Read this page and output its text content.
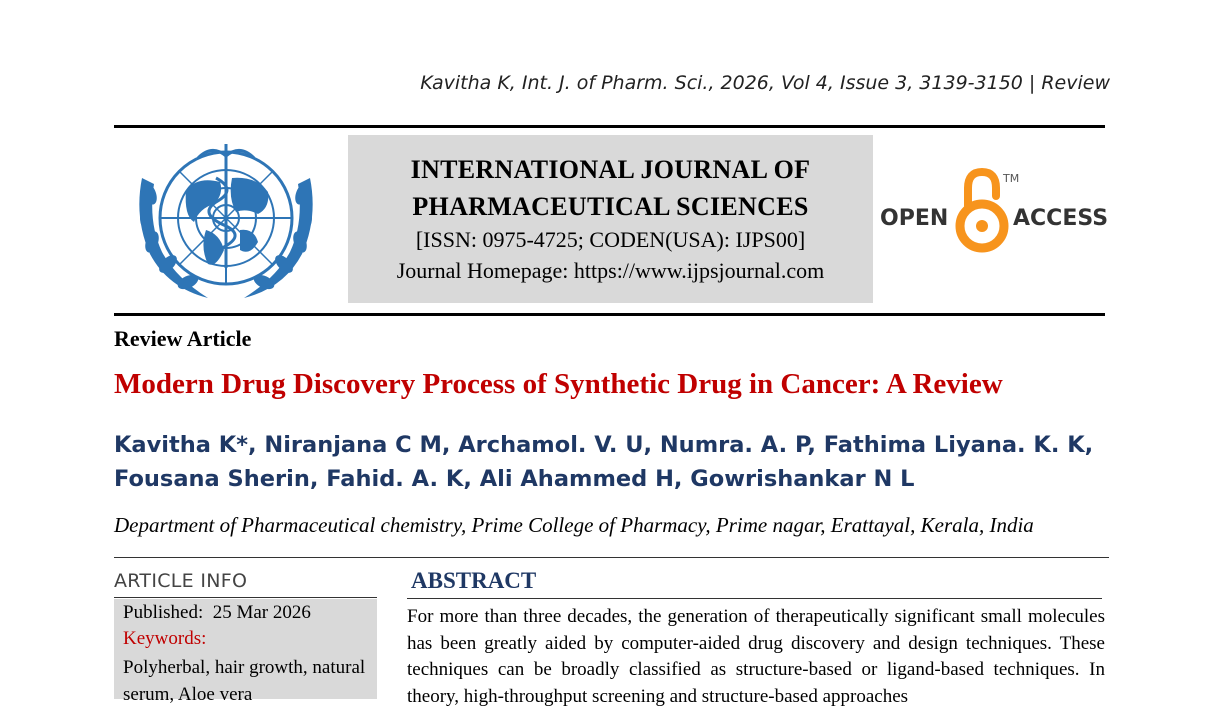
Kavitha K, Int. J. of Pharm. Sci., 2026, Vol 4, Issue 3, 3139-3150 | Review
INTERNATIONAL JOURNAL OF
PHARMACEUTICAL SCIENCES
[ISSN: 0975-4725; CODEN(USA): IJPS00]
Journal Homepage: https://www.ijpsjournal.com
OPEN	ACCESS
TM
Review Article
Modern Drug Discovery Process of Synthetic Drug in Cancer: A Review
Kavitha K*, Niranjana C M, Archamol. V. U, Numra. A. P, Fathima Liyana. K. K,
Fousana Sherin, Fahid. A. K, Ali Ahammed H, Gowrishankar N L
Department of Pharmaceutical chemistry, Prime College of Pharmacy, Prime nagar, Erattayal, Kerala, India
ARTICLE INFO
Published:  25 Mar 2026
Keywords:
Polyherbal, hair growth, natural serum, Aloe vera
ABSTRACT
For more than three decades, the generation of therapeutically significant small molecules has been greatly aided by computer-aided drug discovery and design techniques. These techniques can be broadly classified as structure-based or ligand-based techniques. In theory, high-throughput screening and structure-based approaches
